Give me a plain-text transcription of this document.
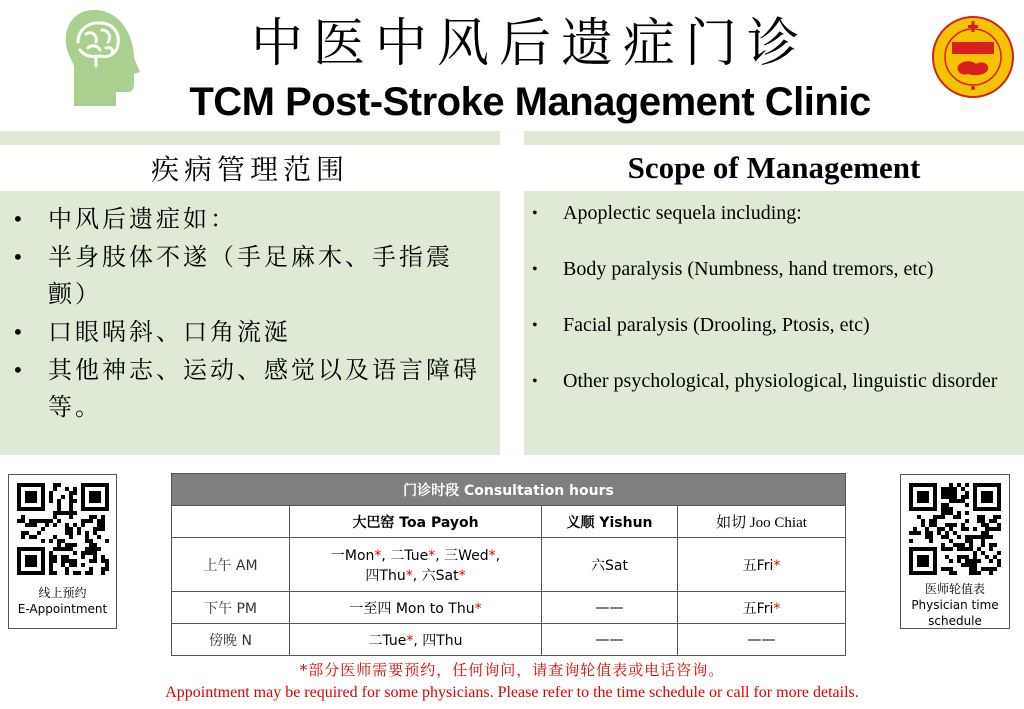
中医中风后遗症门诊
TCM Post-Stroke Management Clinic
疾病管理范围	Scope of Management
• 中风后遗症如：
• 半身肢体不遂（手足麻木、手指震颤）
• 口眼㖞斜、口角流涎
• 其他神志、运动、感觉以及语言障碍等。
• Apoplectic sequela including:
• Body paralysis (Numbness, hand tremors, etc)
• Facial paralysis (Drooling, Ptosis, etc)
• Other psychological, physiological, linguistic disorder
线上预约
E-Appointment
医师轮值表
Physician time schedule
门诊时段 Consultation hours			
	大巴窑 Toa Payoh	义顺 Yishun	如切 Joo Chiat
上午 AM	一Mon*, 二Tue*, 三Wed*,
四Thu*, 六Sat*	六Sat	五Fri*
下午 PM	一至四 Mon to Thu*	——	五Fri*
傍晚 N	二Tue*, 四Thu	——	——
*部分医师需要预约，任何询问，请查询轮值表或电话咨询。
Appointment may be required for some physicians. Please refer to the time schedule or call for more details.
